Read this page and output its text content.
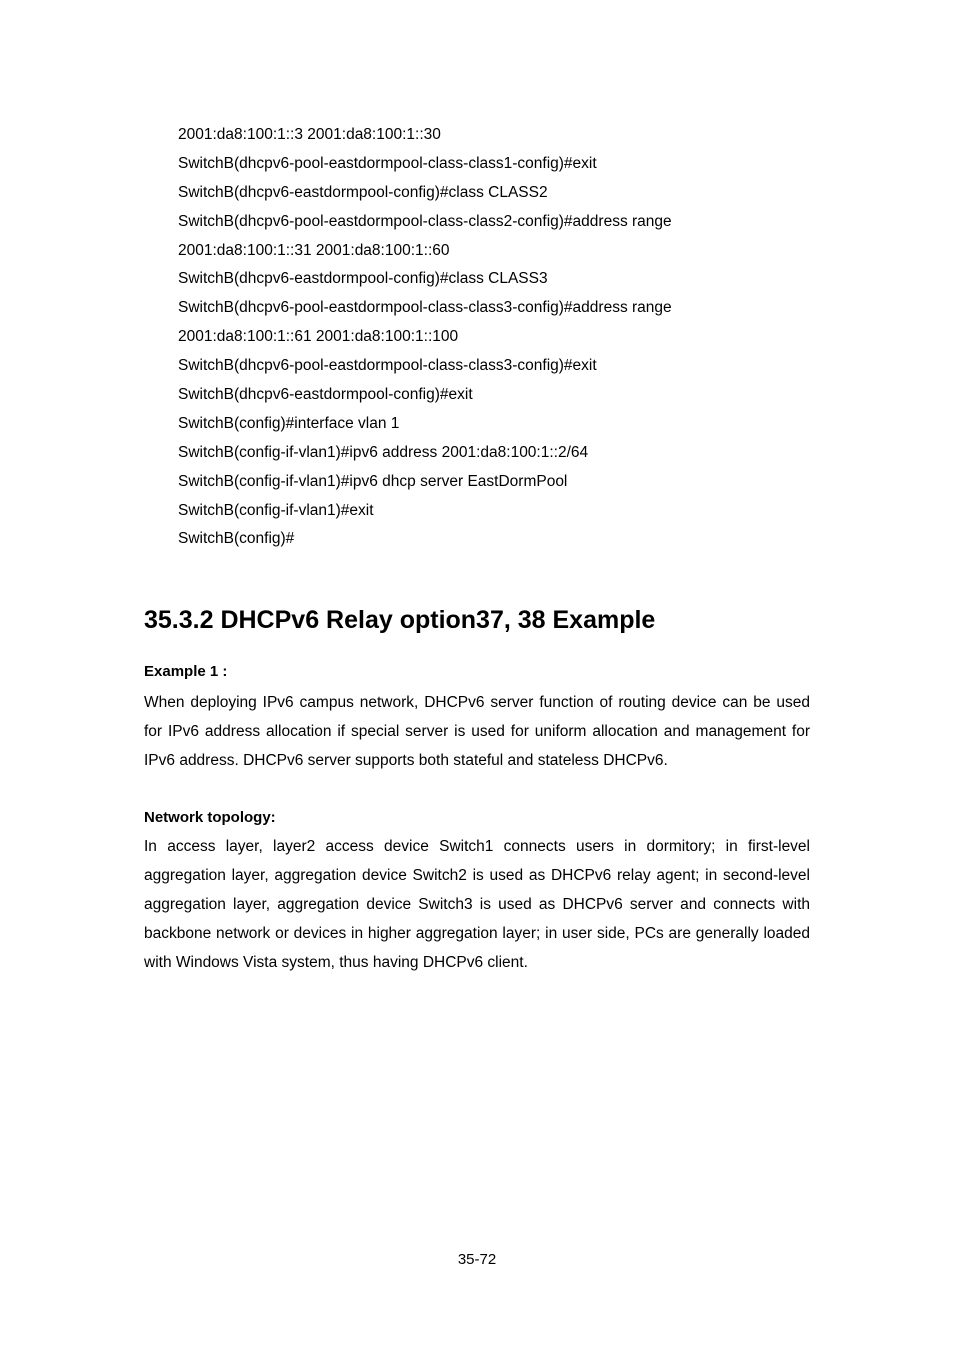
2001:da8:100:1::3 2001:da8:100:1::30
SwitchB(dhcpv6-pool-eastdormpool-class-class1-config)#exit
SwitchB(dhcpv6-eastdormpool-config)#class CLASS2
SwitchB(dhcpv6-pool-eastdormpool-class-class2-config)#address range
2001:da8:100:1::31 2001:da8:100:1::60
SwitchB(dhcpv6-eastdormpool-config)#class CLASS3
SwitchB(dhcpv6-pool-eastdormpool-class-class3-config)#address range
2001:da8:100:1::61 2001:da8:100:1::100
SwitchB(dhcpv6-pool-eastdormpool-class-class3-config)#exit
SwitchB(dhcpv6-eastdormpool-config)#exit
SwitchB(config)#interface vlan 1
SwitchB(config-if-vlan1)#ipv6 address 2001:da8:100:1::2/64
SwitchB(config-if-vlan1)#ipv6 dhcp server EastDormPool
SwitchB(config-if-vlan1)#exit
SwitchB(config)#
35.3.2 DHCPv6 Relay option37, 38 Example

Example 1 :

When deploying IPv6 campus network, DHCPv6 server function of routing device can be used for IPv6 address allocation if special server is used for uniform allocation and management for IPv6 address. DHCPv6 server supports both stateful and stateless DHCPv6.

Network topology:

In access layer, layer2 access device Switch1 connects users in dormitory; in first-level aggregation layer, aggregation device Switch2 is used as DHCPv6 relay agent; in second-level aggregation layer, aggregation device Switch3 is used as DHCPv6 server and connects with backbone network or devices in higher aggregation layer; in user side, PCs are generally loaded with Windows Vista system, thus having DHCPv6 client.

35-72
